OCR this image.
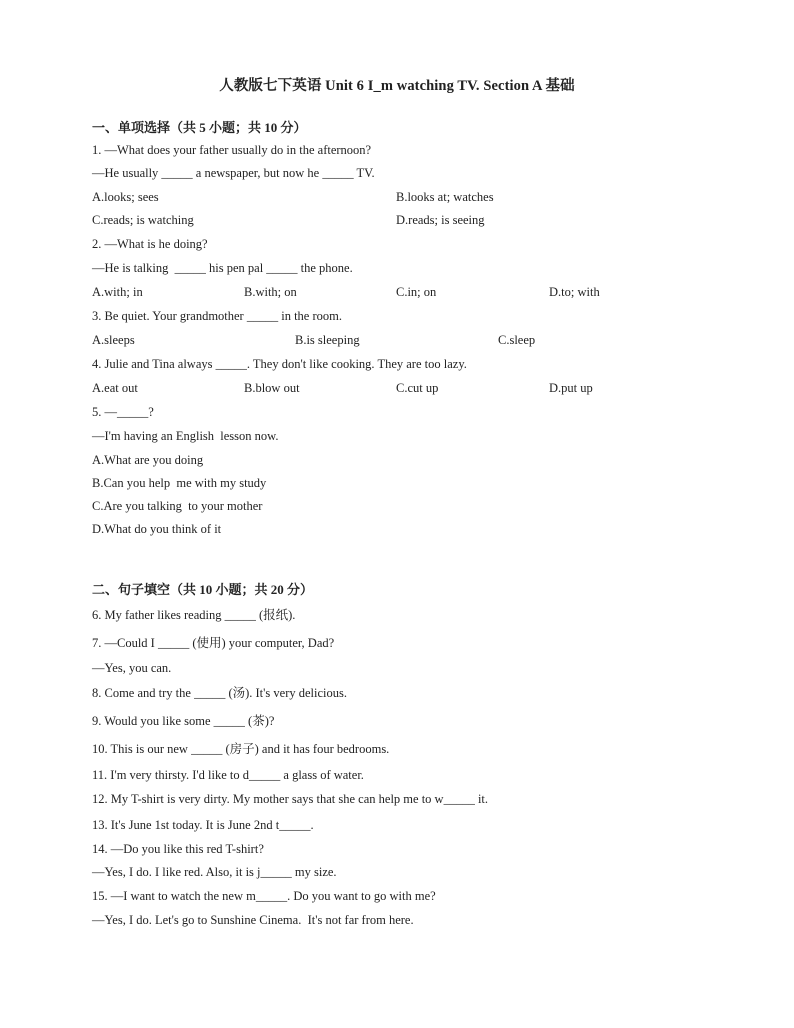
人教版七下英语 Unit 6 I_m watching TV. Section A 基础
一、单项选择（共 5 小题；共 10 分）
1. —What does your father usually do in the afternoon?
—He usually _____ a newspaper, but now he _____ TV.
A.looks; sees	B.looks at; watches
C.reads; is watching	D.reads; is seeing
2. —What is he doing?
—He is talking  _____ his pen pal _____ the phone.
A.with; in	B.with; on	C.in; on	D.to; with
3. Be quiet. Your grandmother _____ in the room.
A.sleeps	B.is sleeping	C.sleep
4. Julie and Tina always _____. They don't like cooking. They are too lazy.
A.eat out	B.blow out	C.cut up	D.put up
5. —_____?
—I'm having an English  lesson now.
A.What are you doing
B.Can you help  me with my study
C.Are you talking  to your mother
D.What do you think of it
二、句子填空（共 10 小题；共 20 分）
6. My father likes reading _____ (报纸).
7. —Could I _____ (使用) your computer, Dad?
—Yes, you can.
8. Come and try the _____ (汤). It's very delicious.
9. Would you like some _____ (茶)?
10. This is our new _____ (房子) and it has four bedrooms.
11. I'm very thirsty. I'd like to d_____ a glass of water.
12. My T-shirt is very dirty. My mother says that she can help me to w_____ it.
13. It's June 1st today. It is June 2nd t_____.
14. —Do you like this red T-shirt?
—Yes, I do. I like red. Also, it is j_____ my size.
15. —I want to watch the new m_____. Do you want to go with me?
—Yes, I do. Let's go to Sunshine Cinema.  It's not far from here.
